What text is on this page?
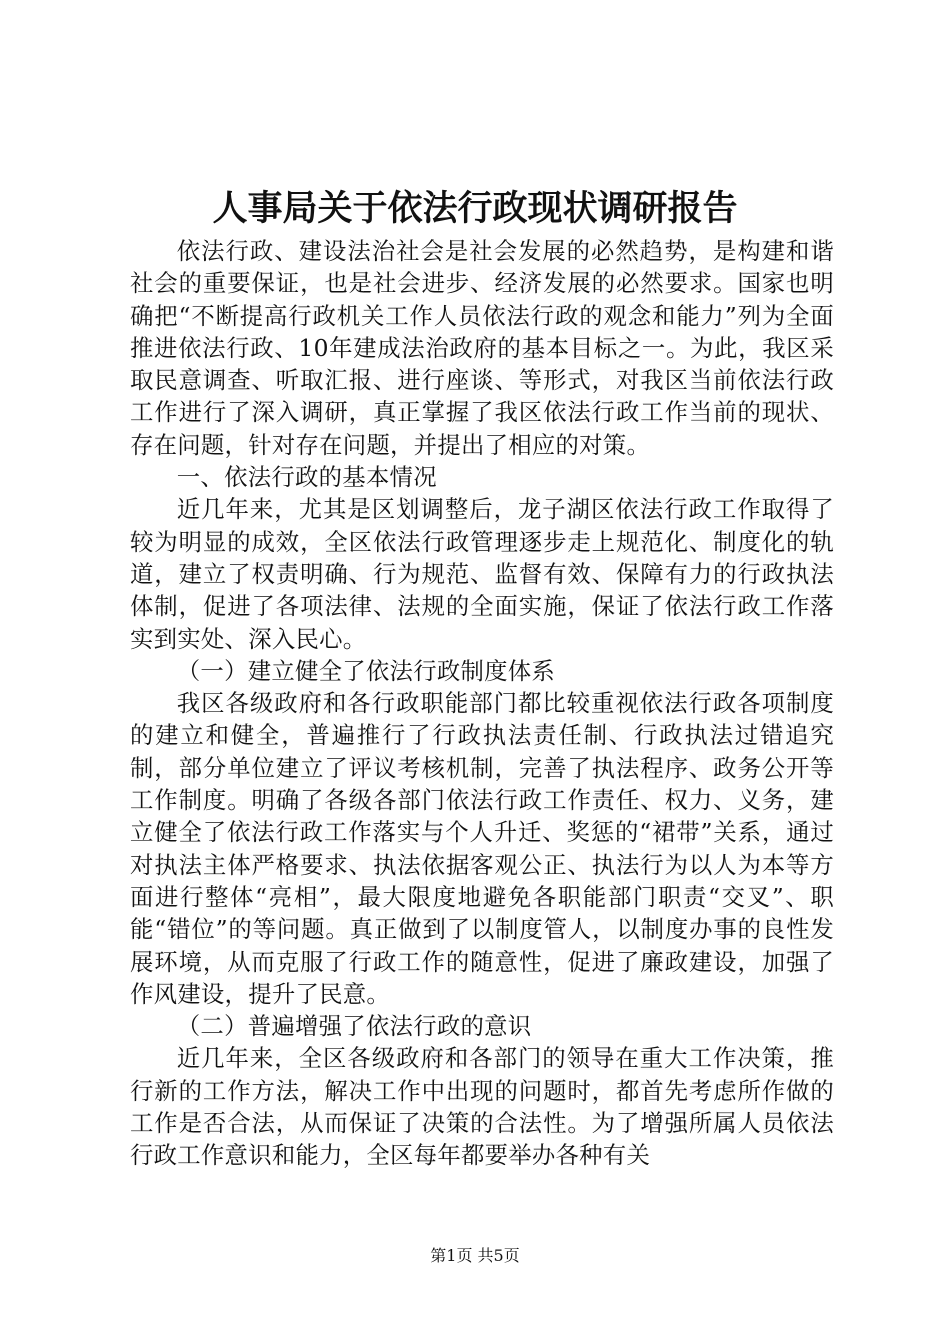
人事局关于依法行政现状调研报告

依法行政、建设法治社会是社会发展的必然趋势，是构建和谐社会的重要保证，也是社会进步、经济发展的必然要求。国家也明确把“不断提高行政机关工作人员依法行政的观念和能力”列为全面推进依法行政、10年建成法治政府的基本目标之一。为此，我区采取民意调查、听取汇报、进行座谈、等形式，对我区当前依法行政工作进行了深入调研，真正掌握了我区依法行政工作当前的现状、存在问题，针对存在问题，并提出了相应的对策。

一、依法行政的基本情况

近几年来，尤其是区划调整后，龙子湖区依法行政工作取得了较为明显的成效，全区依法行政管理逐步走上规范化、制度化的轨道，建立了权责明确、行为规范、监督有效、保障有力的行政执法体制，促进了各项法律、法规的全面实施，保证了依法行政工作落实到实处、深入民心。

（一）建立健全了依法行政制度体系

我区各级政府和各行政职能部门都比较重视依法行政各项制度的建立和健全，普遍推行了行政执法责任制、行政执法过错追究制，部分单位建立了评议考核机制，完善了执法程序、政务公开等工作制度。明确了各级各部门依法行政工作责任、权力、义务，建立健全了依法行政工作落实与个人升迁、奖惩的“裙带”关系，通过对执法主体严格要求、执法依据客观公正、执法行为以人为本等方面进行整体“亮相”，最大限度地避免各职能部门职责“交叉”、职能“错位”的等问题。真正做到了以制度管人，以制度办事的良性发展环境，从而克服了行政工作的随意性，促进了廉政建设，加强了作风建设，提升了民意。

（二）普遍增强了依法行政的意识

近几年来，全区各级政府和各部门的领导在重大工作决策，推行新的工作方法，解决工作中出现的问题时，都首先考虑所作做的工作是否合法，从而保证了决策的合法性。为了增强所属人员依法行政工作意识和能力，全区每年都要举办各种有关

第1页 共5页
